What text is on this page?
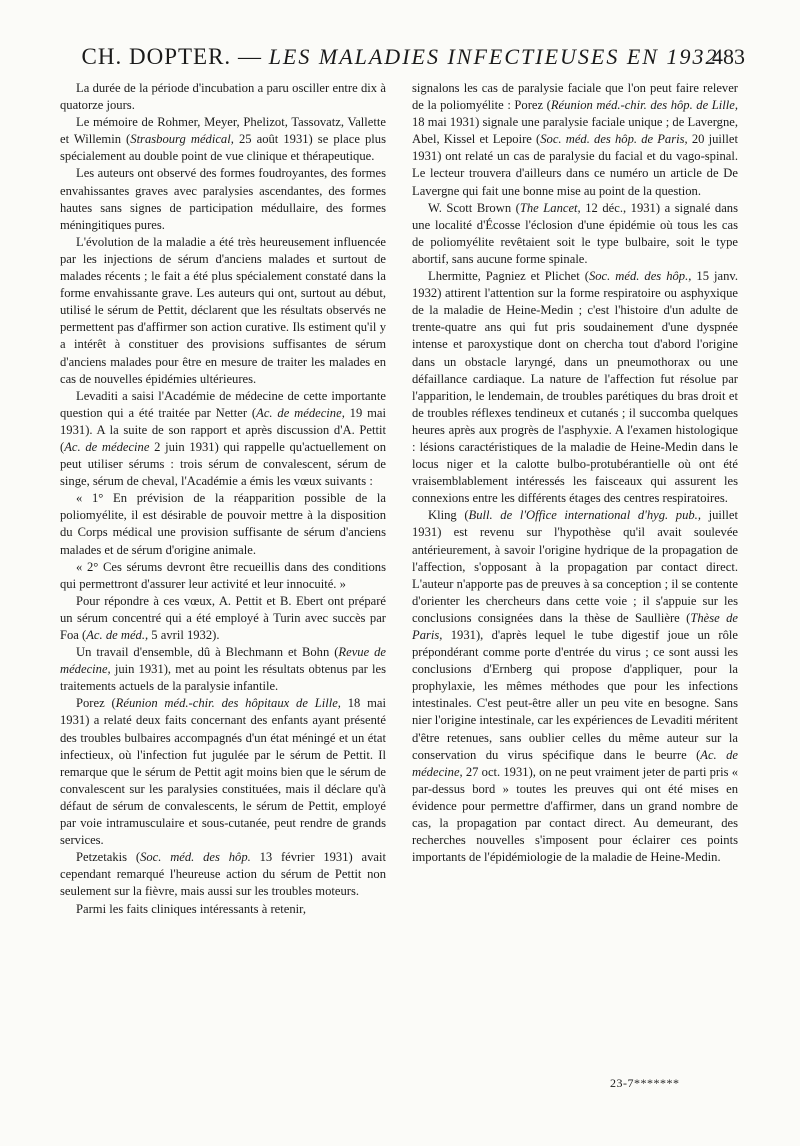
CH. DOPTER. — LES MALADIES INFECTIEUSES EN 1932
483

La durée de la période d'incubation a paru osciller entre dix à quatorze jours.

Le mémoire de Rohmer, Meyer, Phelizot, Tassovatz, Vallette et Willemin (Strasbourg médical, 25 août 1931) se place plus spécialement au double point de vue clinique et thérapeutique.

Les auteurs ont observé des formes foudroyantes, des formes envahissantes graves avec paralysies ascendantes, des formes hautes sans signes de participation médullaire, des formes méningitiques pures.

L'évolution de la maladie a été très heureusement influencée par les injections de sérum d'anciens malades et surtout de malades récents ; le fait a été plus spécialement constaté dans la forme envahissante grave. Les auteurs qui ont, surtout au début, utilisé le sérum de Pettit, déclarent que les résultats observés ne permettent pas d'affirmer son action curative. Ils estiment qu'il y a intérêt à constituer des provisions suffisantes de sérum d'anciens malades pour être en mesure de traiter les malades en cas de nouvelles épidémies ultérieures.

Levaditi a saisi l'Académie de médecine de cette importante question qui a été traitée par Netter (Ac. de médecine, 19 mai 1931). A la suite de son rapport et après discussion d'A. Pettit (Ac. de médecine 2 juin 1931) qui rappelle qu'actuellement on peut utiliser sérums : trois sérum de convalescent, sérum de singe, sérum de cheval, l'Académie a émis les vœux suivants :

« 1° En prévision de la réapparition possible de la poliomyélite, il est désirable de pouvoir mettre à la disposition du Corps médical une provision suffisante de sérum d'anciens malades et de sérum d'origine animale.

« 2° Ces sérums devront être recueillis dans des conditions qui permettront d'assurer leur activité et leur innocuité. »

Pour répondre à ces vœux, A. Pettit et B. Ebert ont préparé un sérum concentré qui a été employé à Turin avec succès par Foa (Ac. de méd., 5 avril 1932).

Un travail d'ensemble, dû à Blechmann et Bohn (Revue de médecine, juin 1931), met au point les résultats obtenus par les traitements actuels de la paralysie infantile.

Porez (Réunion méd.-chir. des hôpitaux de Lille, 18 mai 1931) a relaté deux faits concernant des enfants ayant présenté des troubles bulbaires accompagnés d'un état méningé et un état infectieux, où l'infection fut jugulée par le sérum de Pettit. Il remarque que le sérum de Pettit agit moins bien que le sérum de convalescent sur les paralysies constituées, mais il déclare qu'à défaut de sérum de convalescents, le sérum de Pettit, employé par voie intramusculaire et sous-cutanée, peut rendre de grands services.

Petzetakis (Soc. méd. des hôp. 13 février 1931) avait cependant remarqué l'heureuse action du sérum de Pettit non seulement sur la fièvre, mais aussi sur les troubles moteurs.

Parmi les faits cliniques intéressants à retenir,

signalons les cas de paralysie faciale que l'on peut faire relever de la poliomyélite : Porez (Réunion méd.-chir. des hôp. de Lille, 18 mai 1931) signale une paralysie faciale unique ; de Lavergne, Abel, Kissel et Lepoire (Soc. méd. des hôp. de Paris, 20 juillet 1931) ont relaté un cas de paralysie du facial et du vago-spinal. Le lecteur trouvera d'ailleurs dans ce numéro un article de De Lavergne qui fait une bonne mise au point de la question.

W. Scott Brown (The Lancet, 12 déc., 1931) a signalé dans une localité d'Écosse l'éclosion d'une épidémie où tous les cas de poliomyélite revêtaient soit le type bulbaire, soit le type abortif, sans aucune forme spinale.

Lhermitte, Pagniez et Plichet (Soc. méd. des hôp., 15 janv. 1932) attirent l'attention sur la forme respiratoire ou asphyxique de la maladie de Heine-Medin ; c'est l'histoire d'un adulte de trente-quatre ans qui fut pris soudainement d'une dyspnée intense et paroxystique dont on chercha tout d'abord l'origine dans un obstacle laryngé, dans un pneumothorax ou une défaillance cardiaque. La nature de l'affection fut résolue par l'apparition, le lendemain, de troubles parétiques du bras droit et de troubles réflexes tendineux et cutanés ; il succomba quelques heures après aux progrès de l'asphyxie. A l'examen histologique : lésions caractéristiques de la maladie de Heine-Medin dans le locus niger et la calotte bulbo-protubérantielle où ont été vraisemblablement intéressés les faisceaux qui assurent les connexions entre les différents étages des centres respiratoires.

Kling (Bull. de l'Office international d'hyg. pub., juillet 1931) est revenu sur l'hypothèse qu'il avait soulevée antérieurement, à savoir l'origine hydrique de la propagation de l'affection, s'opposant à la propagation par contact direct. L'auteur n'apporte pas de preuves à sa conception ; il se contente d'orienter les chercheurs dans cette voie ; il s'appuie sur les conclusions consignées dans la thèse de Saullière (Thèse de Paris, 1931), d'après lequel le tube digestif joue un rôle prépondérant comme porte d'entrée du virus ; ce sont aussi les conclusions d'Ernberg qui propose d'appliquer, pour la prophylaxie, les mêmes méthodes que pour les infections intestinales. C'est peut-être aller un peu vite en besogne. Sans nier l'origine intestinale, car les expériences de Levaditi méritent d'être retenues, sans oublier celles du même auteur sur la conservation du virus spécifique dans le beurre (Ac. de médecine, 27 oct. 1931), on ne peut vraiment jeter de parti pris « par-dessus bord » toutes les preuves qui ont été mises en évidence pour permettre d'affirmer, dans un grand nombre de cas, la propagation par contact direct. Au demeurant, des recherches nouvelles s'imposent pour éclairer ces points importants de l'épidémiologie de la maladie de Heine-Medin.

23-7*******
